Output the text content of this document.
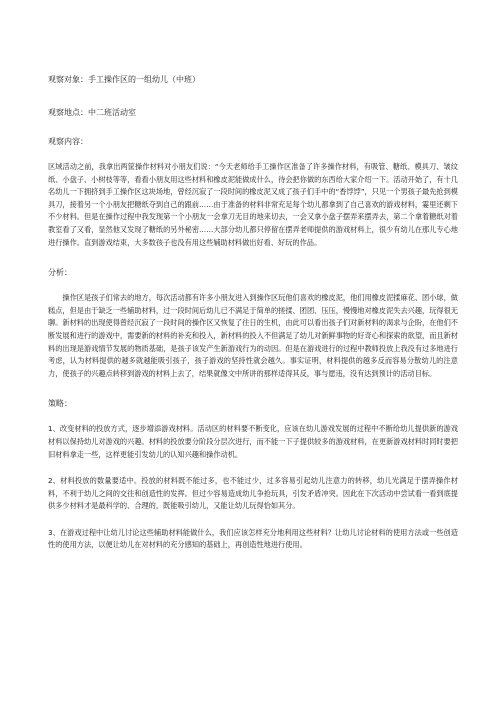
观察对象：手工操作区的一组幼儿（中班）

观察地点：中二班活动室

观察内容：

区域活动之前，我拿出两筐操作材料对小朋友们说：“今天老师给手工操作区准备了许多操作材料，有吸管、糖纸、模具刀、皱纹纸、小盘子、小树枝等等，看看小朋友用这些材料和橡皮泥能做成什么，待会把你做的东西给大家介绍一下。活动开始了，有十几名幼儿一下拥挤到手工操作区这块场地，曾经沉寂了一段时间的橡皮泥又成了孩子们手中的“香饽饽”，只见一个男孩子最先抢到模具刀，接着另一个小朋友把糖纸夺到自己的跟前……由于准备的材料非常充足每个幼儿都拿到了自己喜欢的游戏材料，霎里还剩下不少材料。但是在操作过程中我发现第一个小朋友一会拿刀无目的地来切去，一会又拿小盘子摆弄来摆弄去，第二个拿着糖纸对着教室看了又看，显然他又发现了糖纸的另外秘密……大部分幼儿都只停留在摆弄老师提供的游戏材料上，很少有幼儿在那儿专心地进行操作。直到游戏结束，大多数孩子也没有用这些辅助材料做出好看、好玩的作品。

分析：

操作区是孩子们常去的地方，每次活动都有许多小朋友进入到操作区玩他们喜欢的橡皮泥，他们用橡皮泥揉麻花、团小球，做糕点，但是由于缺乏一些辅助材料，过一段时间后幼儿已不满足于简单的搓揉、团团、压压，慢慢地对橡皮泥失去兴趣，玩得很无聊。新材料的出现使得曾经沉寂了一段时间的操作区又恢复了往日的生机，由此可以看出孩子们对新材料的渴求与企盼，在他们不断发展和进行的游戏中，需要新的材料的补充和投入，新材料的投入不但满足了幼儿对新鲜事物的好奇心和探索的欲望，而且新材料的出现是游戏情节发展的物质基础，是孩子该发产生新游戏行为的动因。但是在游戏进行的过程中教师投放上我没有过多地进行考虑，认为材料提供的越多就越能吸引孩子，孩子游戏的坚持性就会越久。事实证明，材料提供的越多反而容易分散幼儿的注意力，使孩子的兴趣点转移到游戏的材料上去了，结果就像文中所讲的那样适得其反，事与愿违，没有达到预计的活动目标。

策略：

1、改变材料的投放方式，逐步增添游戏材料。活动区的材料要不断变化，应该在幼儿游戏发展的过程中不断给幼儿提供新的游戏材料以保持幼儿对游戏的兴趣。材料的投放要分阶段分层次进行，而不能一下子提供较多的游戏材料，在更新游戏材料时同时要把旧材料拿走一些，这样更能引发幼儿的认知兴趣和操作动机。

2、材料投放的数量要适中。投放的材料既不能过多，也不能过少，过多容易引起幼儿注意力的转移，幼儿光满足于摆弄操作材料，不利于幼儿之间的交往和创造性的发挥。但过少容易造成幼儿争抢玩具，引发矛盾冲突。因此在下次活动中尝试看一看到底提供多少材料才是最科学的、合理的，既能吸引幼儿，又能让幼儿玩得恰如其分。

3、在游戏过程中让幼儿讨论这些辅助材料能做什么，我们应该怎样充分地利用这些材料？让幼儿讨论材料的使用方法或一些创造性的使用方法，以便让幼儿在对材料的充分感知的基础上，再创造性地进行使用。
